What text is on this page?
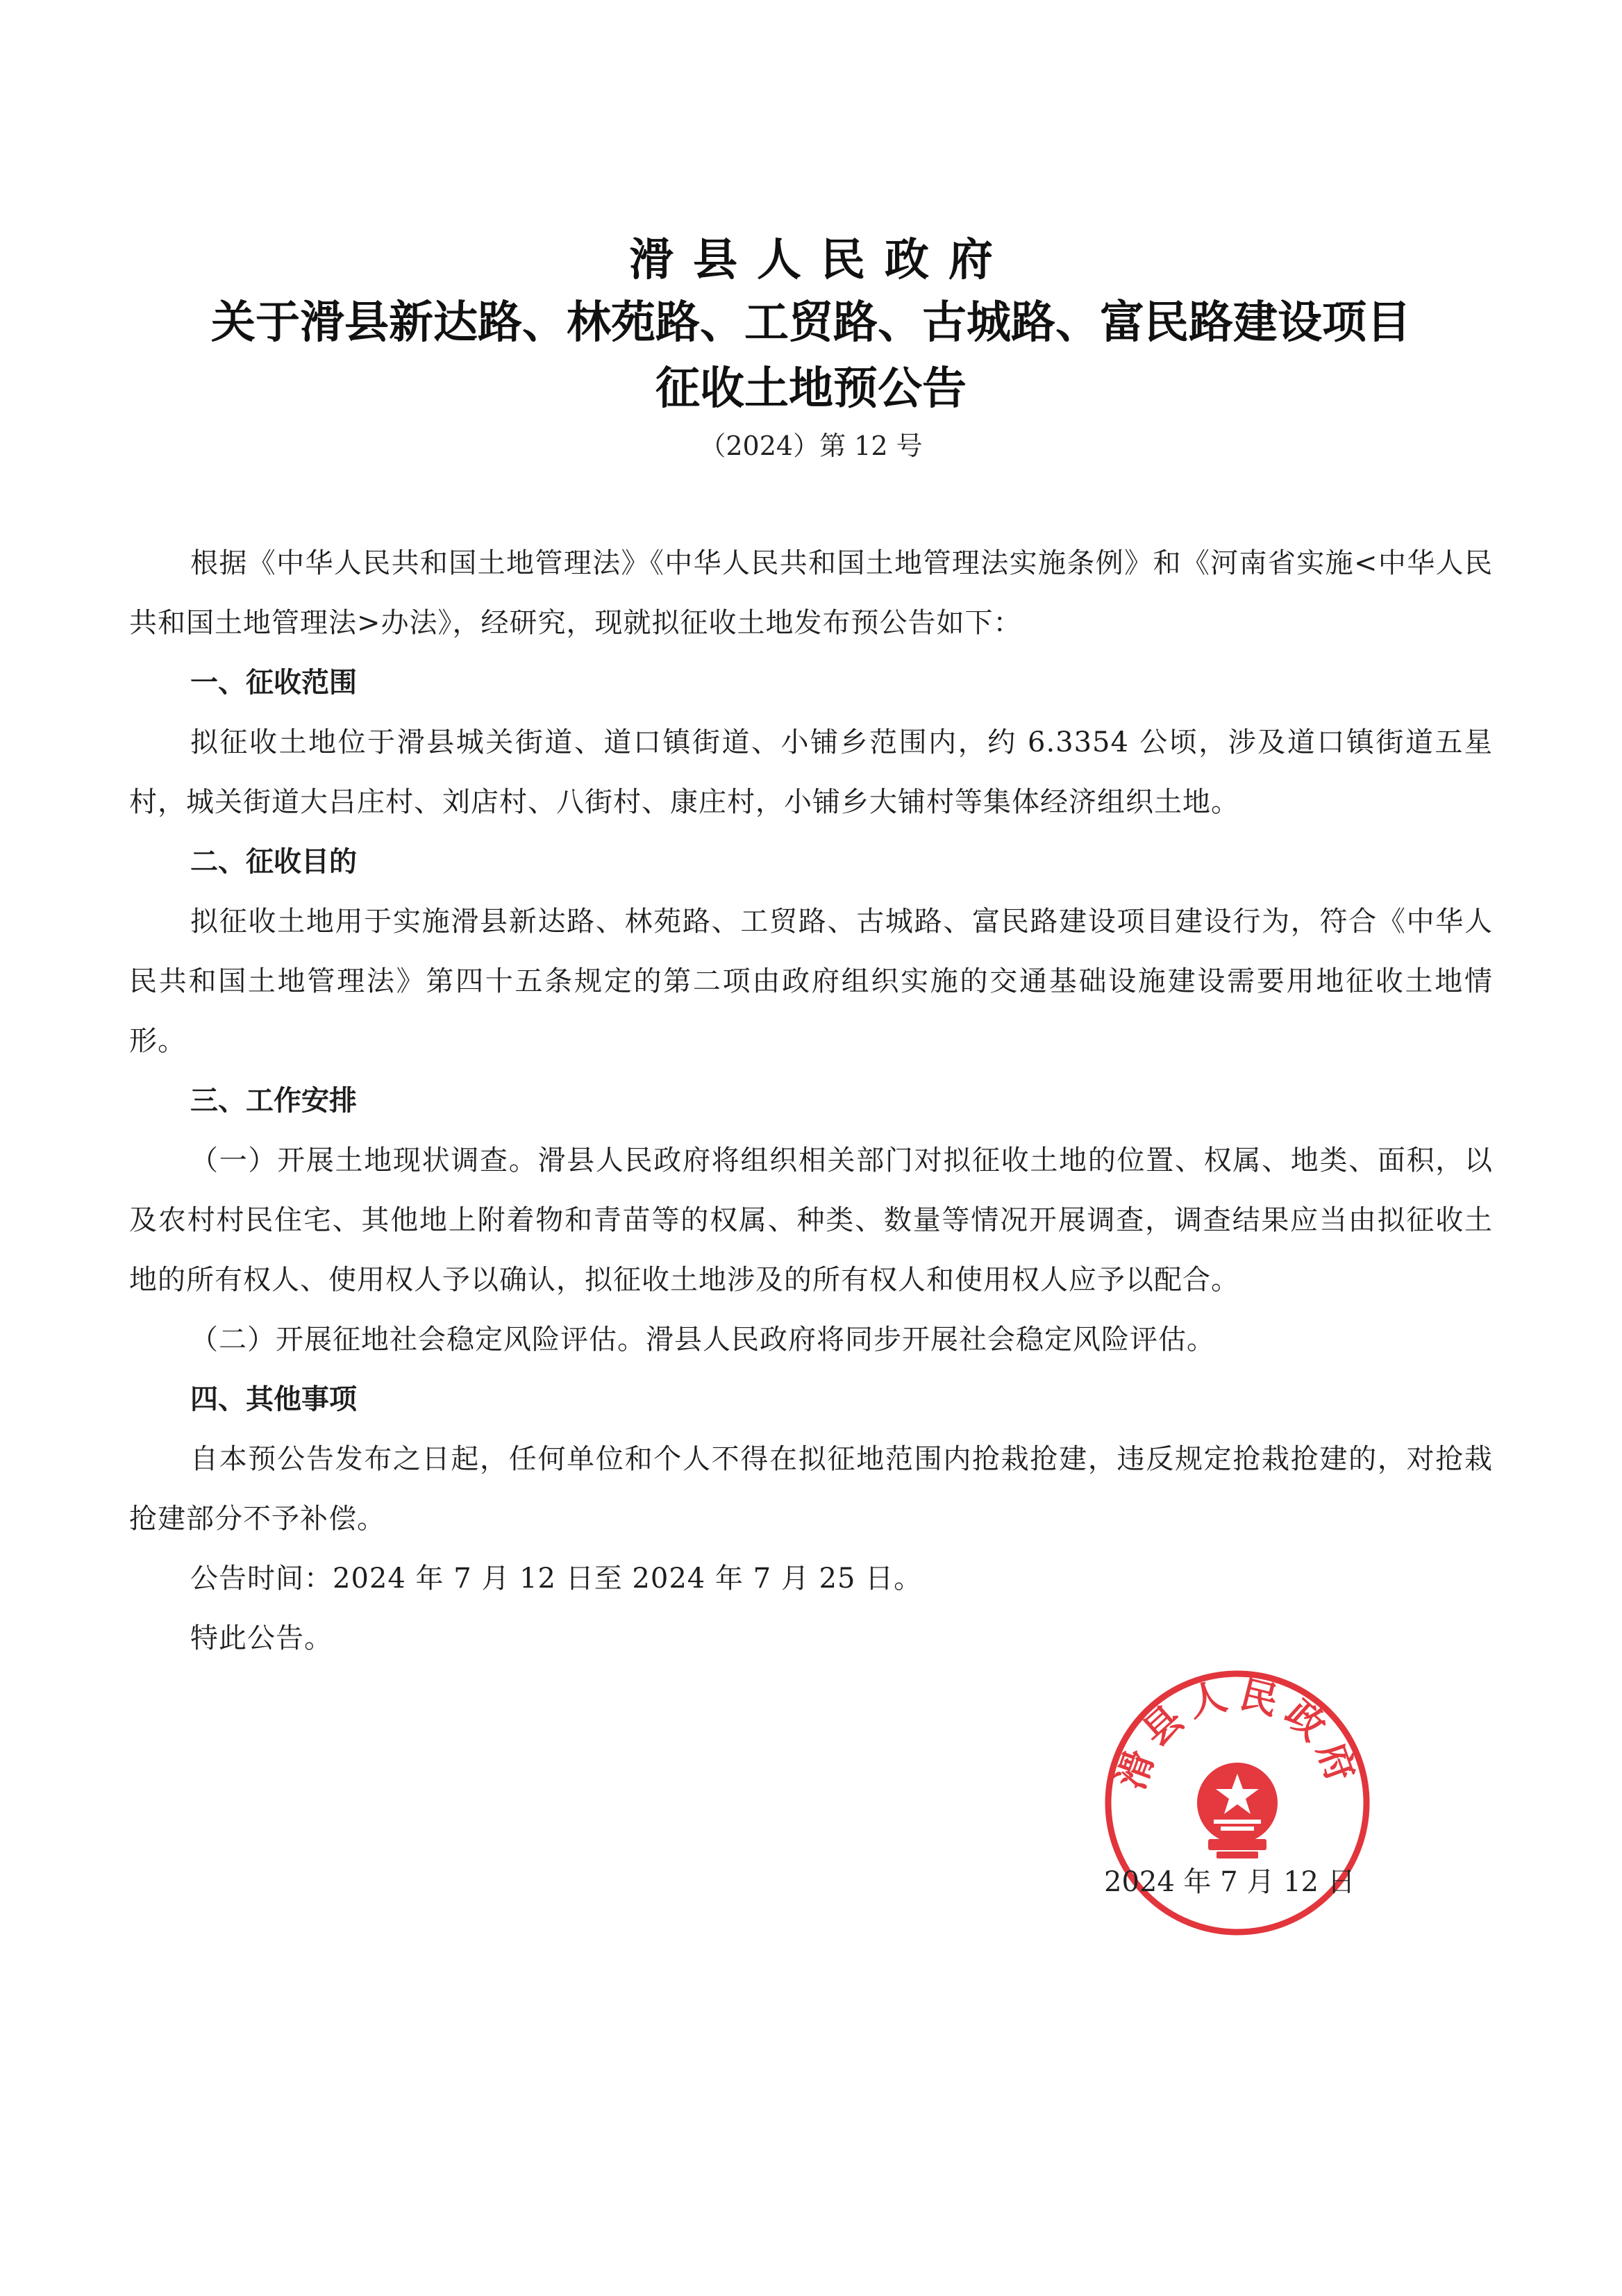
滑县人民政府
关于滑县新达路、林苑路、工贸路、古城路、富民路建设项目
征收土地预公告
（2024）第 12 号

根据《中华人民共和国土地管理法》《中华人民共和国土地管理法实施条例》和《河南省实施<中华人民共和国土地管理法>办法》，经研究，现就拟征收土地发布预公告如下：

一、征收范围

拟征收土地位于滑县城关街道、道口镇街道、小铺乡范围内，约 6.3354 公顷，涉及道口镇街道五星村，城关街道大吕庄村、刘店村、八街村、康庄村，小铺乡大铺村等集体经济组织土地。

二、征收目的

拟征收土地用于实施滑县新达路、林苑路、工贸路、古城路、富民路建设项目建设行为，符合《中华人民共和国土地管理法》第四十五条规定的第二项由政府组织实施的交通基础设施建设需要用地征收土地情形。

三、工作安排

（一）开展土地现状调查。滑县人民政府将组织相关部门对拟征收土地的位置、权属、地类、面积，以及农村村民住宅、其他地上附着物和青苗等的权属、种类、数量等情况开展调查，调查结果应当由拟征收土地的所有权人、使用权人予以确认，拟征收土地涉及的所有权人和使用权人应予以配合。

（二）开展征地社会稳定风险评估。滑县人民政府将同步开展社会稳定风险评估。

四、其他事项

自本预公告发布之日起，任何单位和个人不得在拟征地范围内抢栽抢建，违反规定抢栽抢建的，对抢栽抢建部分不予补偿。

公告时间：2024 年 7 月 12 日至 2024 年 7 月 25 日。

特此公告。

滑县人民政府
2024 年 7 月 12 日
